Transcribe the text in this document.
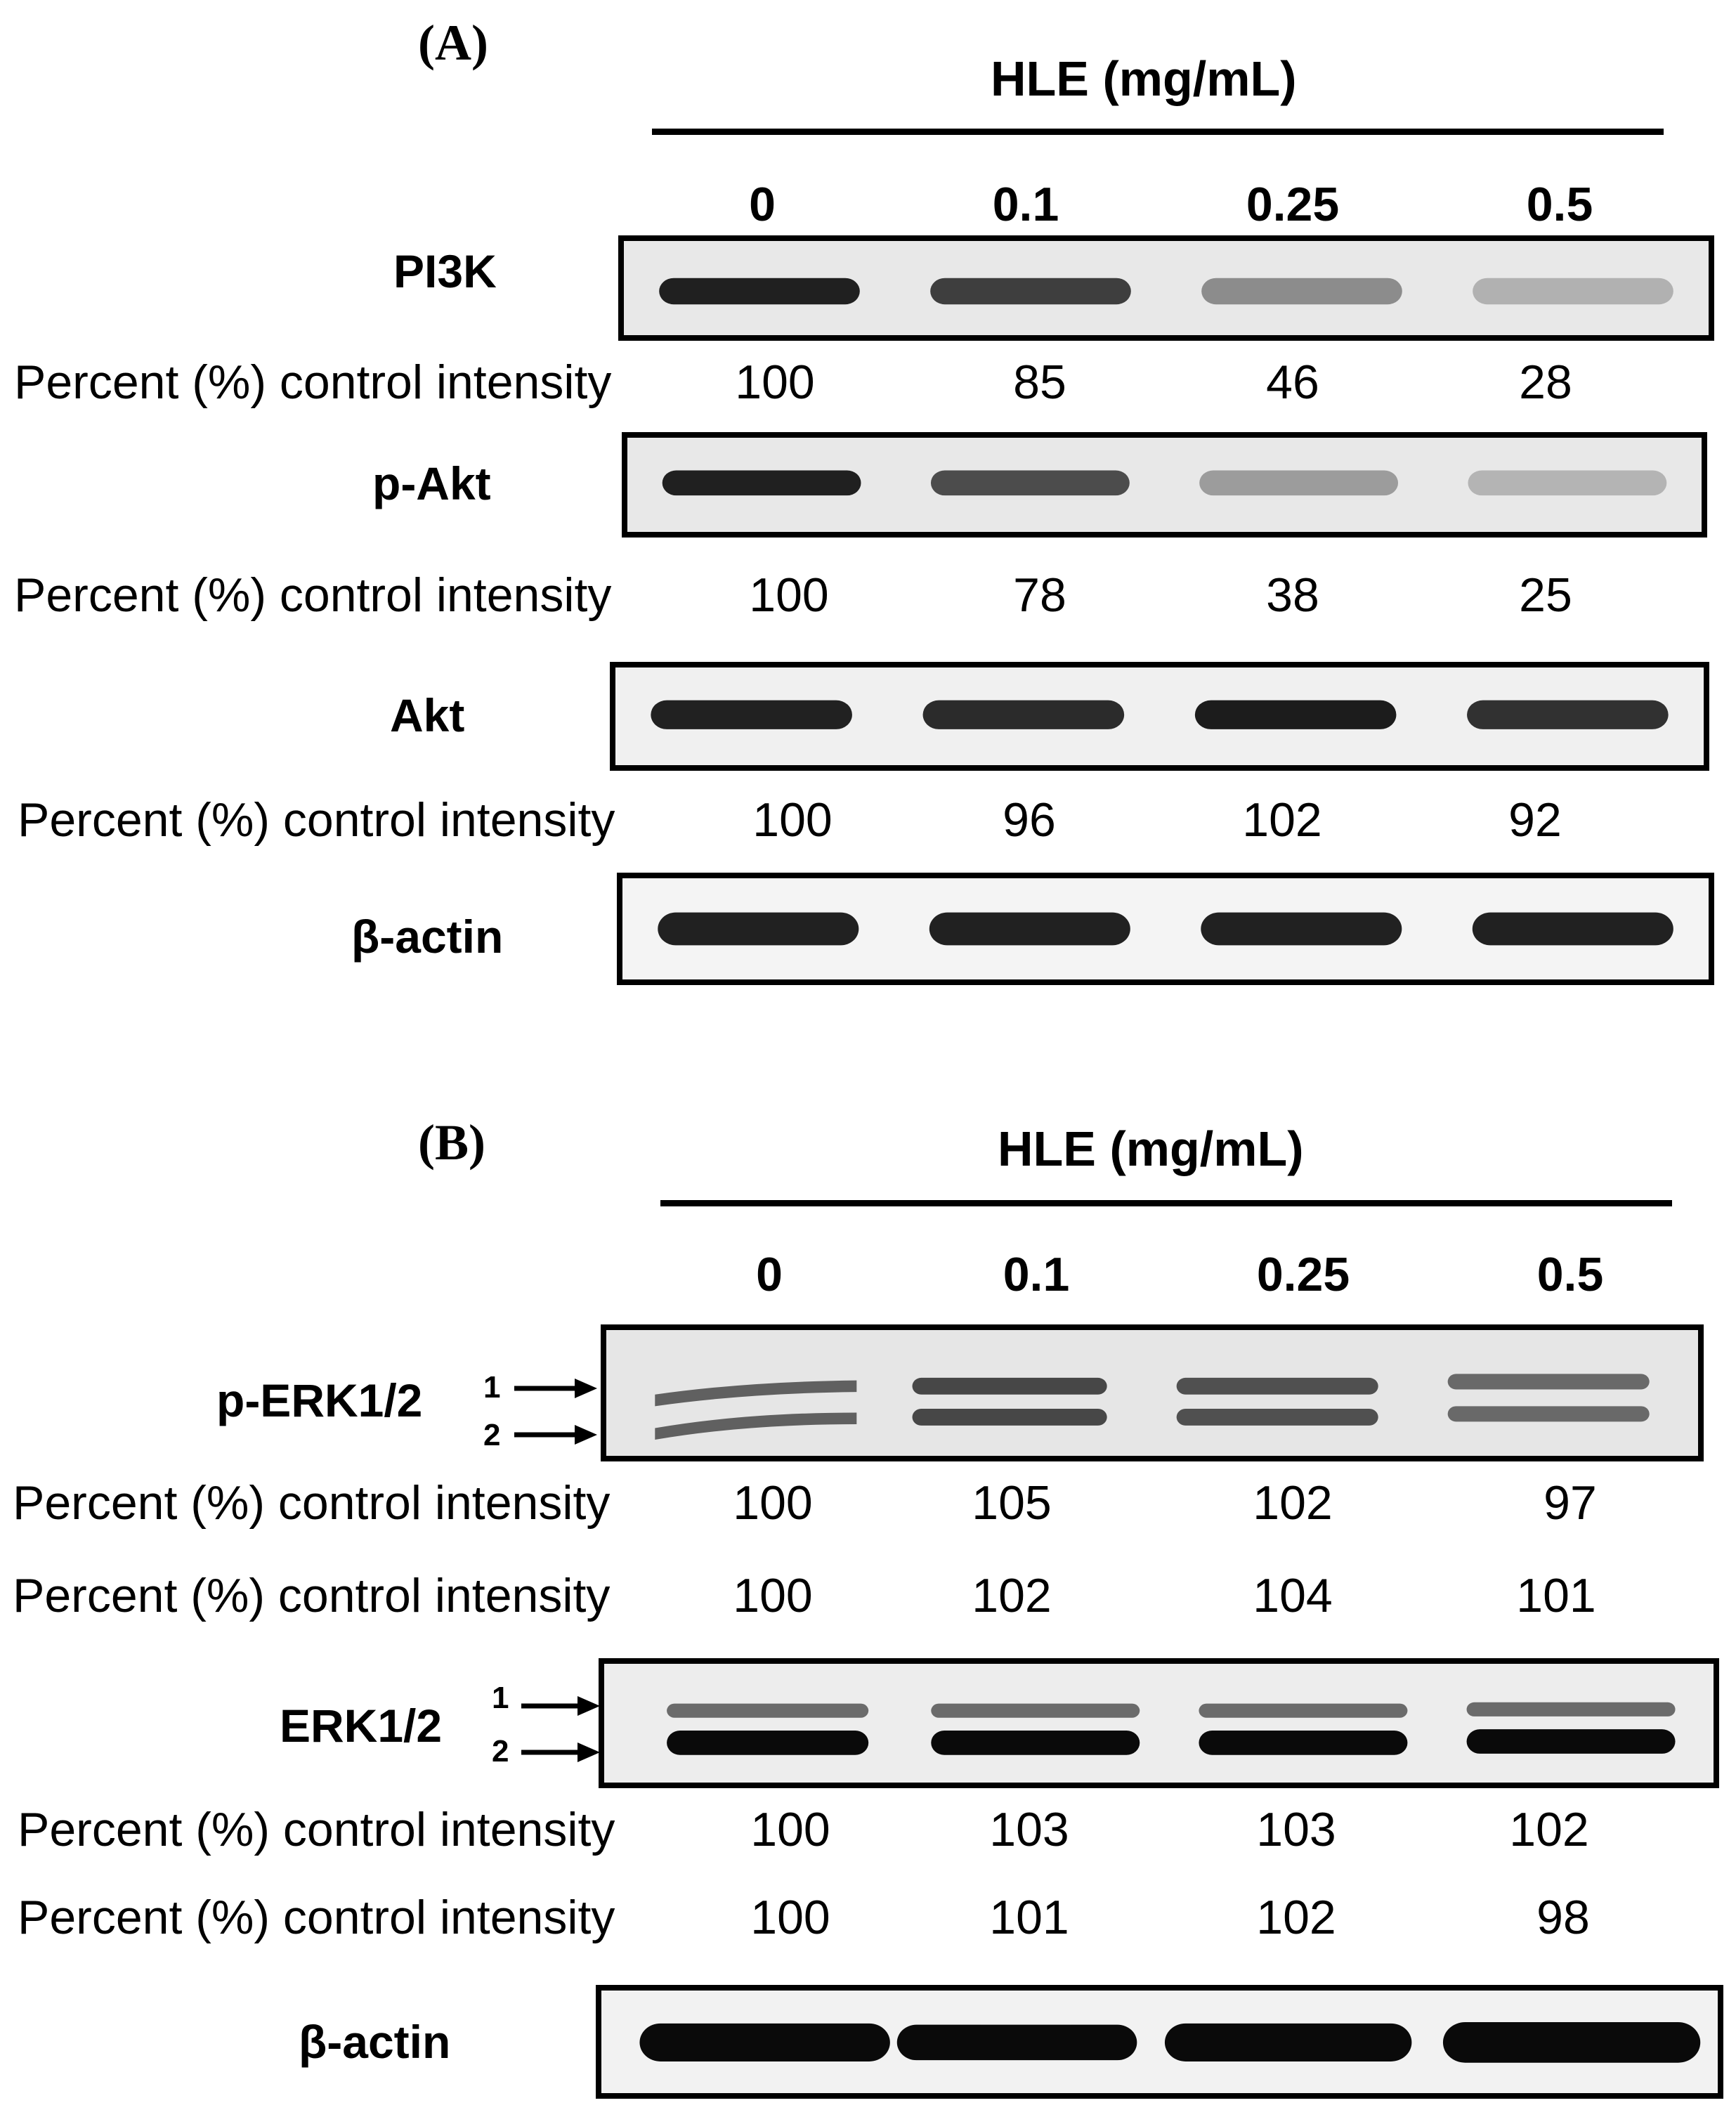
(A)
HLE (mg/mL)
0	0.1	0.25	0.5
PI3K
Percent (%) control intensity	100	85	46	28
p-Akt
Percent (%) control intensity	100	78	38	25
Akt
Percent (%) control intensity	100	96	102	92
β-actin
(B)	HLE (mg/mL)
0	0.1	0.25	0.5
p-ERK1/2 1
2
Percent (%) control intensity	100	105	102	97
Percent (%) control intensity	100	102	104	101
ERK1/2
1
2
Percent (%) control intensity	100	103	103	102
Percent (%) control intensity	100	101	102	98
β-actin
